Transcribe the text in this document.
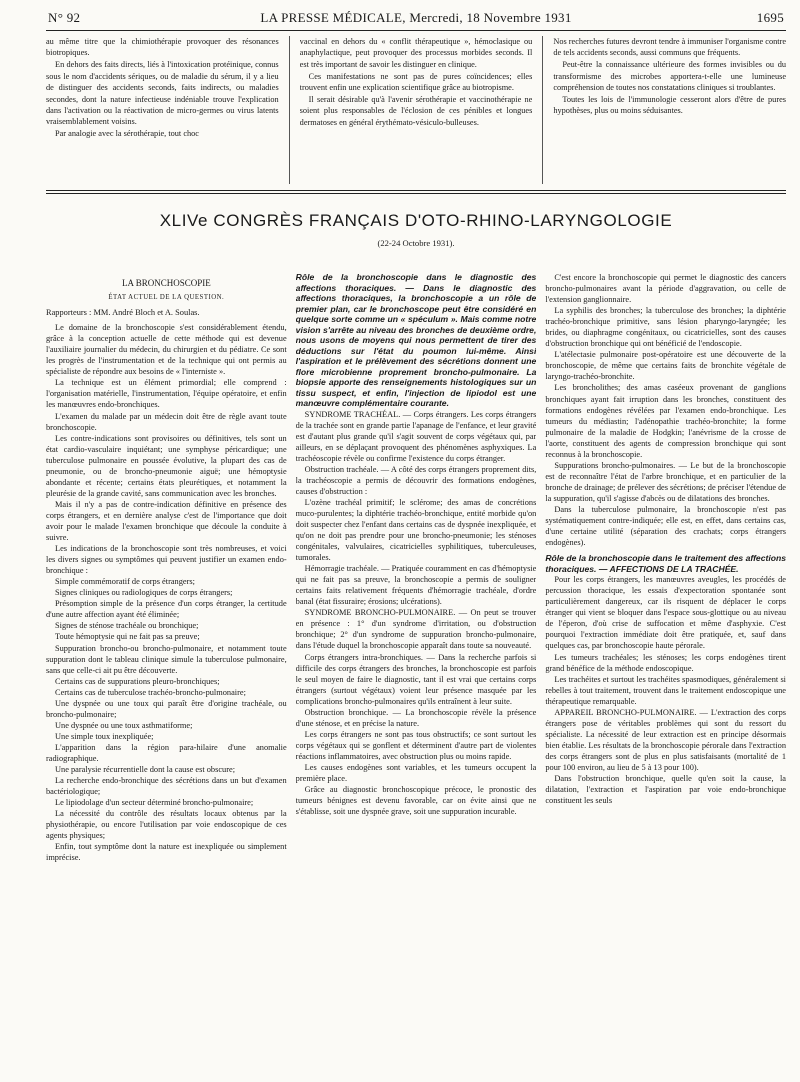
N° 92	LA PRESSE MÉDICALE, Mercredi, 18 Novembre 1931	1695

au même titre que la chimiothérapie provoquer des résonances biotropiques.

En dehors des faits directs, liés à l'intoxication protéinique, connus sous le nom d'accidents sériques, ou de maladie du sérum, il y a lieu de distinguer des accidents seconds, faits indirects, ou maladies secondes, dont la nature infectieuse indéniable trouve l'explication dans l'activation ou la réactivation de micro-germes ou virus latents vraisemblablement voisins.

Par analogie avec la sérothérapie, tout choc

vaccinal en dehors du « conflit thérapeutique », hémoclasique ou anaphylactique, peut provoquer des processus morbides seconds. Il est très important de savoir les distinguer en clinique.

Ces manifestations ne sont pas de pures coïncidences; elles trouvent enfin une explication scientifique grâce au biotropisme.

Il serait désirable qu'à l'avenir sérothérapie et vaccinothérapie ne soient plus responsables de l'éclosion de ces pénibles et longues dermatoses en général érythémato-vésiculo-bulleuses.

Nos recherches futures devront tendre à immuniser l'organisme contre de tels accidents seconds, aussi communs que fréquents.

Peut-être la connaissance ultérieure des formes invisibles ou du transformisme des microbes apportera-t-elle une lumineuse compréhension de toutes nos constatations cliniques si troublantes.

Toutes les lois de l'immunologie cesseront alors d'être de pures hypothèses, plus ou moins séduisantes.

XLIVe CONGRÈS FRANÇAIS D'OTO-RHINO-LARYNGOLOGIE
(22-24 Octobre 1931).
LA BRONCHOSCOPIE
ÉTAT ACTUEL DE LA QUESTION.
Rapporteurs : MM. André Bloch et A. Soulas.

Le domaine de la bronchoscopie s'est considérablement étendu, grâce à la conception actuelle de cette méthode qui est devenue l'auxiliaire journalier du médecin, du chirurgien et du pédiatre. Ce sont les progrès de l'instrumentation et de la technique qui ont permis au spécialiste de répondre aux besoins de « l'interniste ».

La technique est un élément primordial; elle comprend : l'organisation matérielle, l'instrumentation, l'équipe opératoire, et enfin les manœuvres endo-bronchiques.

L'examen du malade par un médecin doit être de règle avant toute bronchoscopie.

Les contre-indications sont provisoires ou définitives, tels sont un état cardio-vasculaire inquiétant; une symphyse péricardique; une tuberculose pulmonaire en poussée évolutive, la plupart des cas de pneumonie, ou de broncho-pneumonie aiguë; une hémoptysie abondante et récente; certains états pleurétiques, et notamment la pleurésie de la grande cavité, sans communication avec les bronches.

Mais il n'y a pas de contre-indication définitive en présence des corps étrangers, et en dernière analyse c'est de l'importance que doit avoir pour le malade l'examen bronchique que découle la conduite à suivre.

Les indications de la bronchoscopie sont très nombreuses, et voici les divers signes ou symptômes qui peuvent justifier un examen endo-bronchique :

Simple commémoratif de corps étrangers;

Signes cliniques ou radiologiques de corps étrangers;

Présomption simple de la présence d'un corps étranger, la certitude d'une autre affection ayant été éliminée;

Signes de sténose trachéale ou bronchique;

Toute hémoptysie qui ne fait pas sa preuve;

Suppuration broncho-ou broncho-pulmonaire, et notamment toute suppuration dont le tableau clinique simule la tuberculose pulmonaire, sans que celle-ci ait pu être découverte.

Certains cas de suppurations pleuro-bronchiques;

Certains cas de tuberculose trachéo-broncho-pulmonaire;

Une dyspnée ou une toux qui paraît être d'origine trachéale, ou broncho-pulmonaire;

Une dyspnée ou une toux asthmatiforme;

Une simple toux inexpliquée;

L'apparition dans la région para-hilaire d'une anomalie radiographique.

Une paralysie récurrentielle dont la cause est obscure;

La recherche endo-bronchique des sécrétions dans un but d'examen bactériologique;

Le lipiodolage d'un secteur déterminé broncho-pulmonaire;

La nécessité du contrôle des résultats locaux obtenus par la physiothérapie, ou encore l'utilisation par voie endoscopique de ces agents physiques;

Enfin, tout symptôme dont la nature est inexpliquée ou simplement imprécise.

Rôle de la bronchoscopie dans le diagnostic des affections thoraciques. — Dans le diagnostic des affections thoraciques, la bronchoscopie a un rôle de premier plan, car le bronchoscope peut être considéré en quelque sorte comme un « spéculum ». Mais comme notre vision s'arrête au niveau des bronches de deuxième ordre, nous usons de moyens qui nous permettent de tirer des déductions sur l'état du poumon lui-même. Ainsi l'aspiration et le prélèvement des sécrétions donnent une flore microbienne proprement broncho-pulmonaire. La biopsie apporte des renseignements histologiques sur un tissu suspect, et enfin, l'injection de lipiodol est une manœuvre complémentaire courante.

SYNDROME TRACHÉAL. — Corps étrangers. Les corps étrangers de la trachée sont en grande partie l'apanage de l'enfance, et leur gravité est d'autant plus grande qu'il s'agit souvent de corps végétaux qui, par ailleurs, en se déplaçant provoquent des phénomènes asphyxiques. La trachéoscopie révèle ou confirme l'existence du corps étranger.

Obstruction trachéale. — A côté des corps étrangers proprement dits, la trachéoscopie a permis de découvrir des formations endogènes, causes d'obstruction :

L'ozène trachéal primitif; le sclérome; des amas de concrétions muco-purulentes; la diphtérie trachéo-bronchique, entité morbide qu'on doit suspecter chez l'enfant dans certains cas de dyspnée inexpliquée, et qu'on ne doit pas prendre pour une broncho-pneumonie; les sténoses congénitales, valvulaires, cicatricielles syphilitiques, tuberculeuses, tumorales.

Hémorragie trachéale. — Pratiquée couramment en cas d'hémoptysie qui ne fait pas sa preuve, la bronchoscopie a permis de souligner certains faits relativement fréquents d'hémorragie trachéale, d'ordre banal (état fissuraire; érosions; ulcérations).

SYNDROME BRONCHO-PULMONAIRE. — On peut se trouver en présence : 1° d'un syndrome d'irritation, ou d'obstruction bronchique; 2° d'un syndrome de suppuration broncho-pulmonaire, dans l'étude duquel la bronchoscopie apparaît dans toute sa nouveauté.

Corps étrangers intra-bronchiques. — Dans la recherche parfois si difficile des corps étrangers des bronches, la bronchoscopie est parfois le seul moyen de faire le diagnostic, tant il est vrai que certains corps étrangers (surtout végétaux) voient leur présence masquée par les complications broncho-pulmonaires qu'ils entraînent à leur suite.

Obstruction bronchique. — La bronchoscopie révèle la présence d'une sténose, et en précise la nature.

Les corps étrangers ne sont pas tous obstructifs; ce sont surtout les corps végétaux qui se gonflent et déterminent d'autre part de violentes réactions inflammatoires, avec obstruction plus ou moins rapide.

Les causes endogènes sont variables, et les tumeurs occupent la première place.

Grâce au diagnostic bronchoscopique précoce, le pronostic des tumeurs bénignes est devenu favorable, car on évite ainsi que ne s'établisse, soit une dyspnée grave, soit une suppuration incurable.

C'est encore la bronchoscopie qui permet le diagnostic des cancers broncho-pulmonaires avant la période d'aggravation, ou celle de l'extension ganglionnaire.

La syphilis des bronches; la tuberculose des bronches; la diphtérie trachéo-bronchique primitive, sans lésion pharyngo-laryngée; les brides, ou diaphragme congénitaux, ou cicatricielles, sont des causes d'obstruction bronchique qui ont bénéficié de l'endoscopie.

L'atélectasie pulmonaire post-opératoire est une découverte de la bronchoscopie, de même que certains faits de bronchite végétale de laryngo-trachéo-bronchite.

Les broncholithes; des amas caséeux provenant de ganglions bronchiques ayant fait irruption dans les bronches, constituent des formations endogènes révélées par l'examen endo-bronchique. Les tumeurs du médiastin; l'adénopathie trachéo-bronchite; la forme pulmonaire de la maladie de Hodgkin; l'anévrisme de la crosse de l'aorte, constituent des agents de compression bronchique qui sont reconnus à la bronchoscopie.

Suppurations broncho-pulmonaires. — Le but de la bronchoscopie est de reconnaître l'état de l'arbre bronchique, et en particulier de la bronche de drainage; de prélever des sécrétions; de préciser l'étendue de la suppuration, qu'il s'agisse d'abcès ou de dilatations des bronches.

Dans la tuberculose pulmonaire, la bronchoscopie n'est pas systématiquement contre-indiquée; elle est, en effet, dans certains cas, d'une certaine utilité (séparation des crachats; corps étrangers endogènes).

Rôle de la bronchoscopie dans le traitement des affections thoraciques. — AFFECTIONS DE LA TRACHÉE.

Pour les corps étrangers, les manœuvres aveugles, les procédés de percussion thoracique, les essais d'expectoration spontanée sont particulièrement dangereux, car ils risquent de déplacer le corps étranger qui vient se bloquer dans l'espace sous-glottique ou au niveau de l'éperon, d'où crise de suffocation et même d'asphyxie. C'est pourquoi l'extraction immédiate doit être pratiquée, et, sauf dans quelques cas, par bronchoscopie haute péroralе.

Les tumeurs trachéales; les sténoses; les corps endogènes tirent grand bénéfice de la méthode endoscopique.

Les trachéites et surtout les trachéites spasmodiques, généralement si rebelles à tout traitement, trouvent dans le traitement endoscopique une thérapeutique remarquable.

APPAREIL BRONCHO-PULMONAIRE. — L'extraction des corps étrangers pose de véritables problèmes qui sont du ressort du spécialiste. La nécessité de leur extraction est en principe désormais bien établie. Les résultats de la bronchoscopie péroralе dans l'extraction des corps étrangers sont de plus en plus satisfaisants (mortalité de 1 pour 100 environ, au lieu de 5 à 13 pour 100).

Dans l'obstruction bronchique, quelle qu'en soit la cause, la dilatation, l'extraction et l'aspiration par voie endo-bronchique constituent les seuls
